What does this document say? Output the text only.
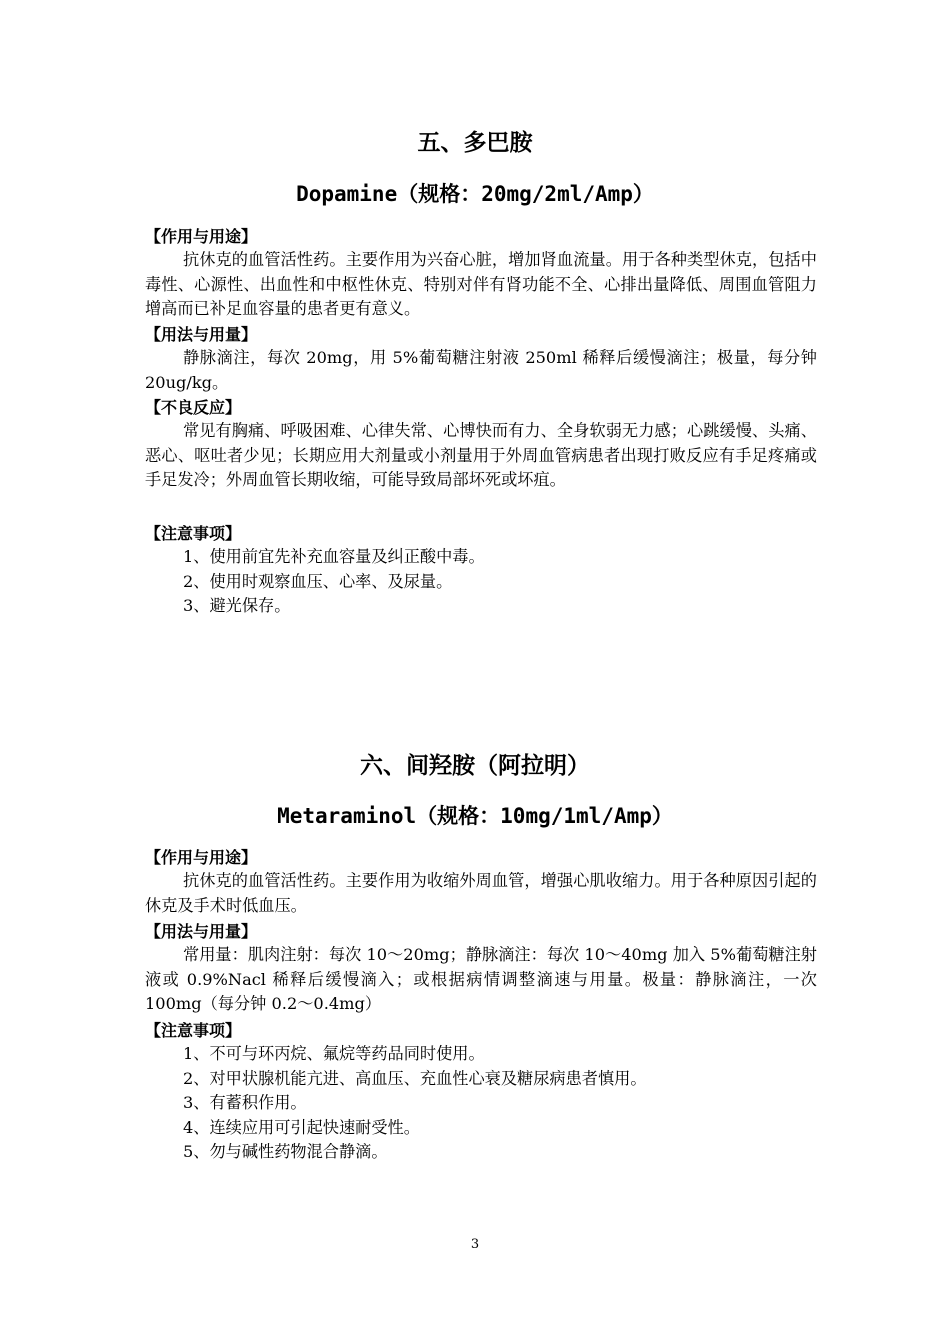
五、多巴胺
Dopamine（规格：20mg/2ml/Amp）
【作用与用途】

抗休克的血管活性药。主要作用为兴奋心脏，增加肾血流量。用于各种类型休克，包括中毒性、心源性、出血性和中枢性休克、特别对伴有肾功能不全、心排出量降低、周围血管阻力增高而已补足血容量的患者更有意义。

【用法与用量】

静脉滴注，每次 20mg，用 5%葡萄糖注射液 250ml 稀释后缓慢滴注；极量，每分钟 20ug/kg。

【不良反应】

常见有胸痛、呼吸困难、心律失常、心博快而有力、全身软弱无力感；心跳缓慢、头痛、恶心、呕吐者少见；长期应用大剂量或小剂量用于外周血管病患者出现打败反应有手足疼痛或手足发冷；外周血管长期收缩，可能导致局部坏死或坏疽。

【注意事项】
1、使用前宜先补充血容量及纠正酸中毒。
2、使用时观察血压、心率、及尿量。
3、避光保存。
六、间羟胺（阿拉明）
Metaraminol（规格：10mg/1ml/Amp）
【作用与用途】

抗休克的血管活性药。主要作用为收缩外周血管，增强心肌收缩力。用于各种原因引起的休克及手术时低血压。

【用法与用量】

常用量：肌肉注射：每次 10～20mg；静脉滴注：每次 10～40mg 加入 5%葡萄糖注射液或 0.9%Nacl 稀释后缓慢滴入；或根据病情调整滴速与用量。极量：静脉滴注，一次 100mg（每分钟 0.2～0.4mg）

【注意事项】
1、不可与环丙烷、氟烷等药品同时使用。
2、对甲状腺机能亢进、高血压、充血性心衰及糖尿病患者慎用。
3、有蓄积作用。
4、连续应用可引起快速耐受性。
5、勿与碱性药物混合静滴。
3
